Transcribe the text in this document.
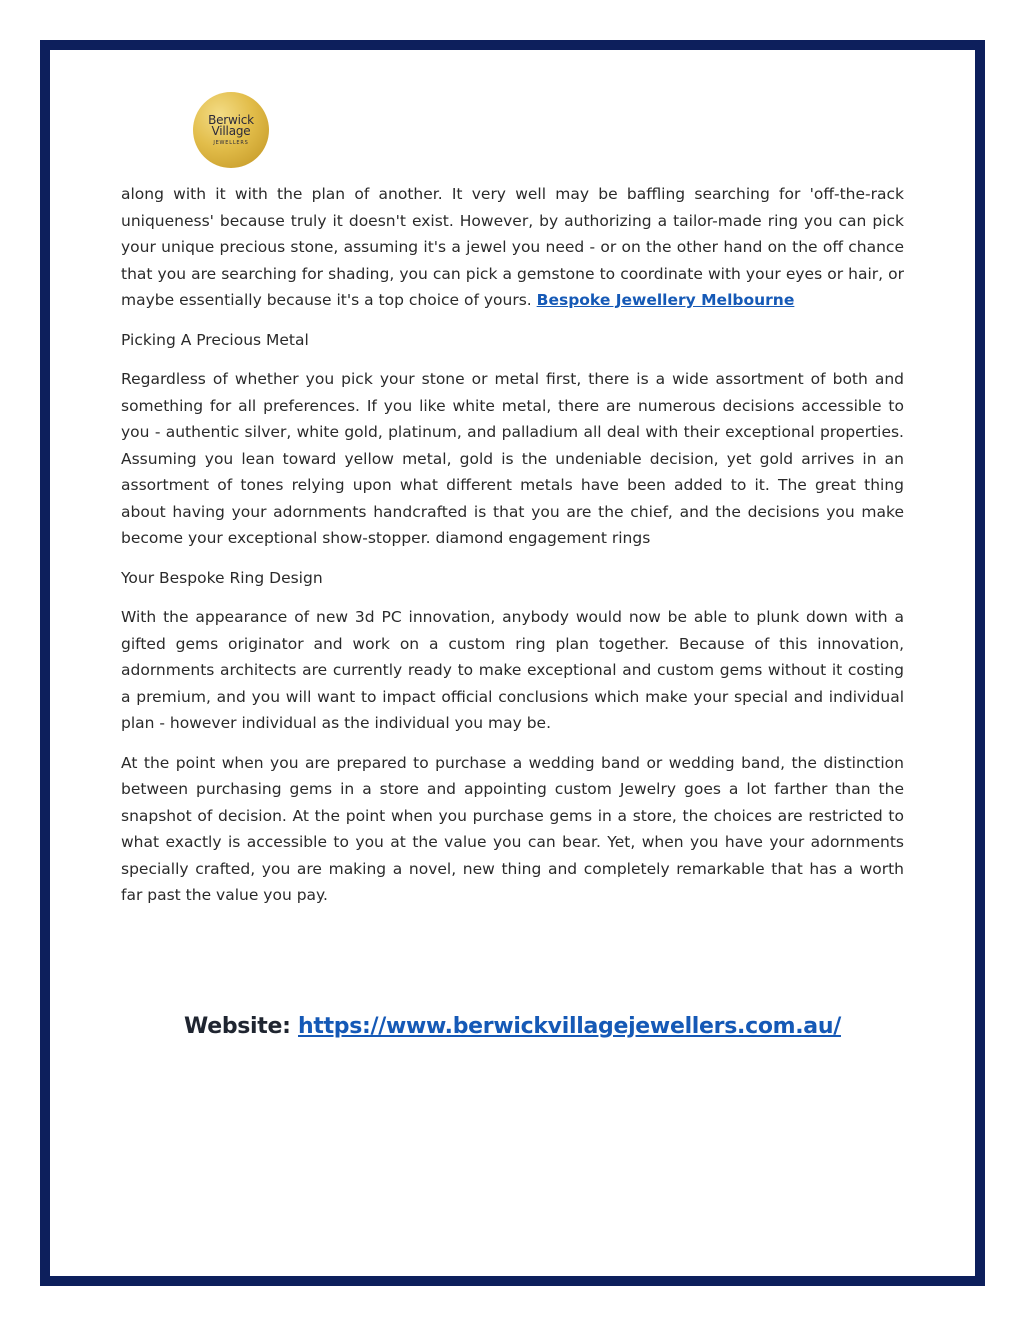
Berwick
Village
JEWELLERS

along with it with the plan of another. It very well may be baffling searching for 'off-the-rack uniqueness' because truly it doesn't exist. However, by authorizing a tailor-made ring you can pick your unique precious stone, assuming it's a jewel you need - or on the other hand on the off chance that you are searching for shading, you can pick a gemstone to coordinate with your eyes or hair, or maybe essentially because it's a top choice of yours. Bespoke Jewellery Melbourne

Picking A Precious Metal

Regardless of whether you pick your stone or metal first, there is a wide assortment of both and something for all preferences. If you like white metal, there are numerous decisions accessible to you - authentic silver, white gold, platinum, and palladium all deal with their exceptional properties. Assuming you lean toward yellow metal, gold is the undeniable decision, yet gold arrives in an assortment of tones relying upon what different metals have been added to it. The great thing about having your adornments handcrafted is that you are the chief, and the decisions you make become your exceptional show-stopper. diamond engagement rings

Your Bespoke Ring Design

With the appearance of new 3d PC innovation, anybody would now be able to plunk down with a gifted gems originator and work on a custom ring plan together. Because of this innovation, adornments architects are currently ready to make exceptional and custom gems without it costing a premium, and you will want to impact official conclusions which make your special and individual plan - however individual as the individual you may be.

At the point when you are prepared to purchase a wedding band or wedding band, the distinction between purchasing gems in a store and appointing custom Jewelry goes a lot farther than the snapshot of decision. At the point when you purchase gems in a store, the choices are restricted to what exactly is accessible to you at the value you can bear. Yet, when you have your adornments specially crafted, you are making a novel, new thing and completely remarkable that has a worth far past the value you pay.

Website: https://www.berwickvillagejewellers.com.au/
